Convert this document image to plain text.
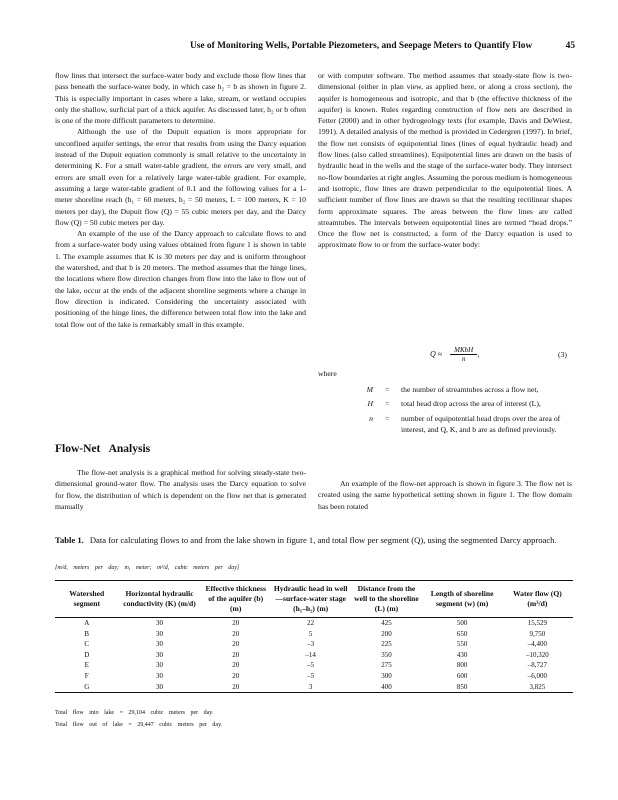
Use of Monitoring Wells, Portable Piezometers, and Seepage Meters to Quantify Flow	45

flow lines that intersect the surface-water body and exclude those flow lines that pass beneath the surface-water body, in which case h₂ = b as shown in figure 2. This is especially important in cases where a lake, stream, or wetland occupies only the shallow, surficial part of a thick aquifer. As discussed later, h₂ or b often is one of the more difficult parameters to determine.

Although the use of the Dupuit equation is more appropriate for unconfined aquifer settings, the error that results from using the Darcy equation instead of the Dupuit equation commonly is small relative to the uncertainty in determining K. For a small water-table gradient, the errors are very small, and errors are small even for a relatively large water-table gradient. For example, assuming a large water-table gradient of 0.1 and the following values for a 1-meter shoreline reach (h₁ = 60 meters, h₂ = 50 meters, L = 100 meters, K = 10 meters per day), the Dupuit flow (Q) = 55 cubic meters per day, and the Darcy flow (Q) = 50 cubic meters per day.

An example of the use of the Darcy approach to calculate flows to and from a surface-water body using values obtained from figure 1 is shown in table 1. The example assumes that K is 30 meters per day and is uniform throughout the watershed, and that b is 20 meters. The method assumes that the hinge lines, the locations where flow direction changes from flow into the lake to flow out of the lake, occur at the ends of the adjacent shoreline segments where a change in flow direction is indicated. Considering the uncertainty associated with positioning of the hinge lines, the difference between total flow into the lake and total flow out of the lake is remarkably small in this example.

Flow-Net Analysis

The flow-net analysis is a graphical method for solving steady-state two-dimensional ground-water flow. The analysis uses the Darcy equation to solve for flow, the distribution of which is dependent on the flow net that is generated manually

or with computer software. The method assumes that steady-state flow is two-dimensional (either in plan view, as applied here, or along a cross section), the aquifer is homogeneous and isotropic, and that b (the effective thickness of the aquifer) is known. Rules regarding construction of flow nets are described in Fetter (2000) and in other hydrogeology texts (for example, Davis and DeWiest, 1991). A detailed analysis of the method is provided in Cedergren (1997). In brief, the flow net consists of equipotential lines (lines of equal hydraulic head) and flow lines (also called streamlines). Equipotential lines are drawn on the basis of hydraulic head in the wells and the stage of the surface-water body. They intersect no-flow boundaries at right angles. Assuming the porous medium is homogeneous and isotropic, flow lines are drawn perpendicular to the equipotential lines. A sufficient number of flow lines are drawn so that the resulting rectilinear shapes form approximate squares. The areas between the flow lines are called streamtubes. The intervals between equipotential lines are termed “head drops.” Once the flow net is constructed, a form of the Darcy equation is used to approximate flow to or from the surface-water body:

$Q \approx \frac{\text{MKbH}}{n}$ ,	(3)
where
M	=	the number of streamtubes across a flow net,
H	=	total head drop across the area of interest (L),
n	=	number of equipotential head drops over the area of interest, and Q, K, and b are as defined previously.

An example of the flow-net approach is shown in figure 3. The flow net is created using the same hypothetical setting shown in figure 1. The flow domain has been rotated

Table 1. Data for calculating flows to and from the lake shown in figure 1, and total flow per segment (Q), using the segmented Darcy approach.
[m/d, meters per day; m, meter; m³/d, cubic meters per day]
Watershed segment	Horizontal hydraulic conductivity (K) (m/d)	Effective thickness of the aquifer (b) (m)	Hydraulic head in well—surface-water stage (h₁–h₂) (m)	Distance from the well to the shoreline (L) (m)	Length of shoreline segment (w) (m)	Water flow (Q) (m³/d)
A	30	20	22	425	500	15,529
B	30	20	5	200	650	9,750
C	30	20	–3	225	550	–4,400
D	30	20	–14	350	430	–10,320
E	30	20	–5	275	800	–8,727
F	30	20	–5	300	600	–6,000
G	30	20	3	400	850	3,825
Total flow into lake = 29,104 cubic meters per day.
Total flow out of lake = 29,447 cubic meters per day.
